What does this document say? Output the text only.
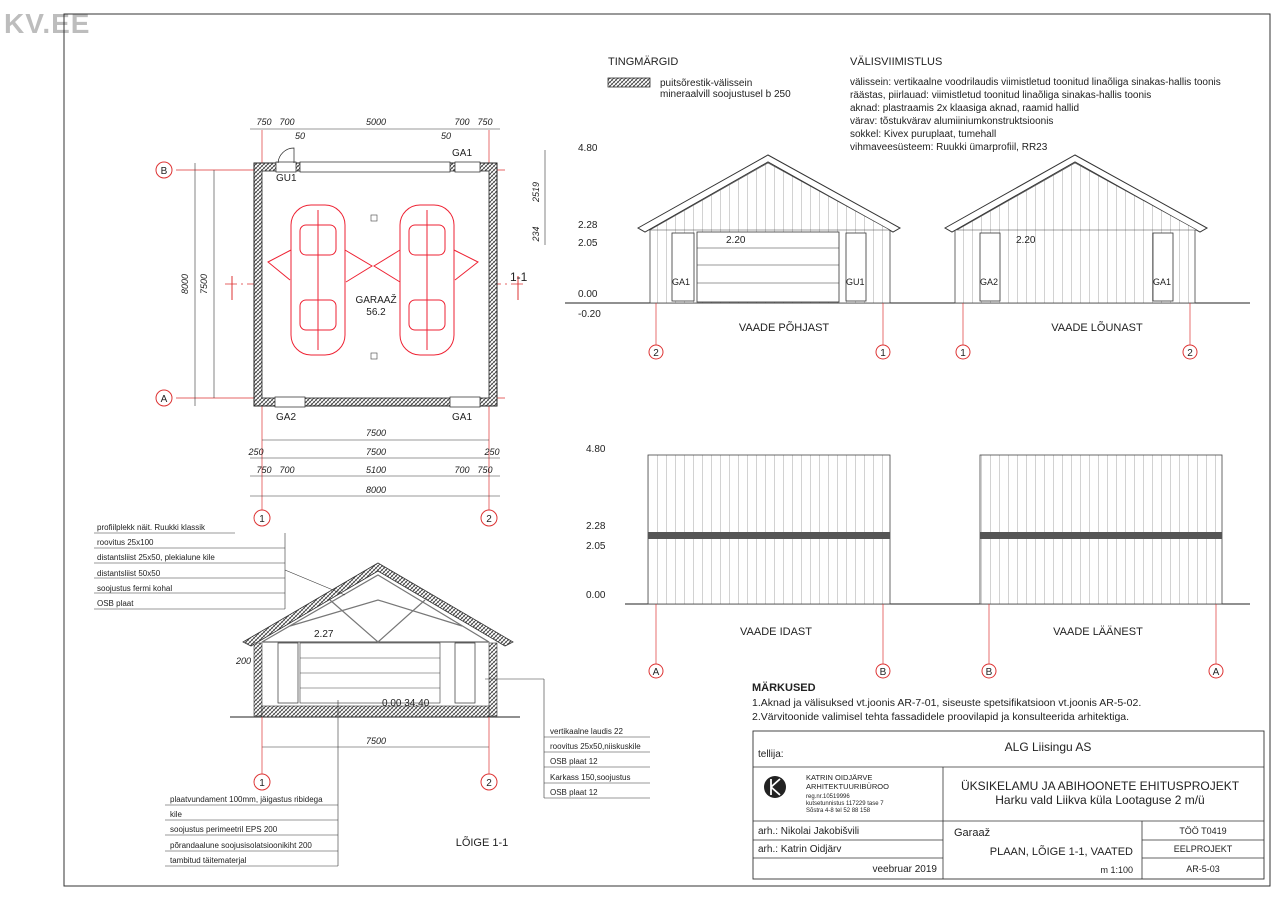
KV.EE
TINGMÄRGID
puitsõrestik-välissein
mineraalvill soojustusel b 250
VÄLISVIIMISTLUS
välissein: vertikaalne voodrilaudis viimistletud toonitud linaõliga sinakas-hallis toonis
räästas, piirlauad: viimistletud toonitud linaõliga sinakas-hallis toonis
aknad: plastraamis 2x klaasiga aknad, raamid hallid
värav: tõstukvärav alumiiniumkonstruktsioonis
sokkel: Kivex puruplaat, tumehall
vihmaveesüsteem: Ruukki ümarprofiil, RR23
1-1
GARAAŽ
56.2
GU1
GA1
GA2	GA1
B
A
1	2
750 700	5000	700 750
50	50
8000 7500
2519
234
7500
250	7500	250
750 700	5100	700 750
8000
4.80
2.28
2.05
0.00
-0.20
2.20
GA1	GU1
2	1
VAADE PÕHJAST
2.20
GA2	GA1
1	2
VAADE LÕUNAST
4.80
2.28
2.05
0.00
A	B
VAADE IDAST
B	A
VAADE LÄÄNEST
2.27
0.00 34.40
200
7500
1	2
LÕIGE 1-1
profiilplekk näit. Ruukki klassik
roovitus 25x100
distantsliist 25x50, plekialune kile
distantsliist 50x50
soojustus fermi kohal
OSB plaat
vertikaalne laudis 22
roovitus 25x50,niiskuskile
OSB plaat 12
Karkass 150,soojustus
OSB plaat 12
plaatvundament 100mm, jäigastus ribidega
kile
soojustus perimeetril EPS 200
põrandaalune soojusisolatsioonikiht 200
tambitud täitematerjal
MÄRKUSED
1.Aknad ja välisuksed vt.joonis AR-7-01, siseuste spetsifikatsioon vt.joonis AR-5-02.
2.Värvitoonide valimisel tehta fassadidele proovilapid ja konsulteerida arhitektiga.
tellija:
ALG Liisingu AS
KATRIN OIDJÄRVE
ARHITEKTUURIBÜROO
reg.nr.10519996
kutsetunnistus 117229 tase 7
Sõstra 4-8 tel 52 88 158
ÜKSIKELAMU JA ABIHOONETE EHITUSPROJEKT
Harku vald Liikva küla Lootaguse 2 m/ü
arh.: Nikolai Jakobišvili
arh.: Katrin Oidjärv
veebruar 2019
Garaaž
PLAAN, LÕIGE 1-1, VAATED
m 1:100
TÖÖ T0419
EELPROJEKT
AR-5-03
